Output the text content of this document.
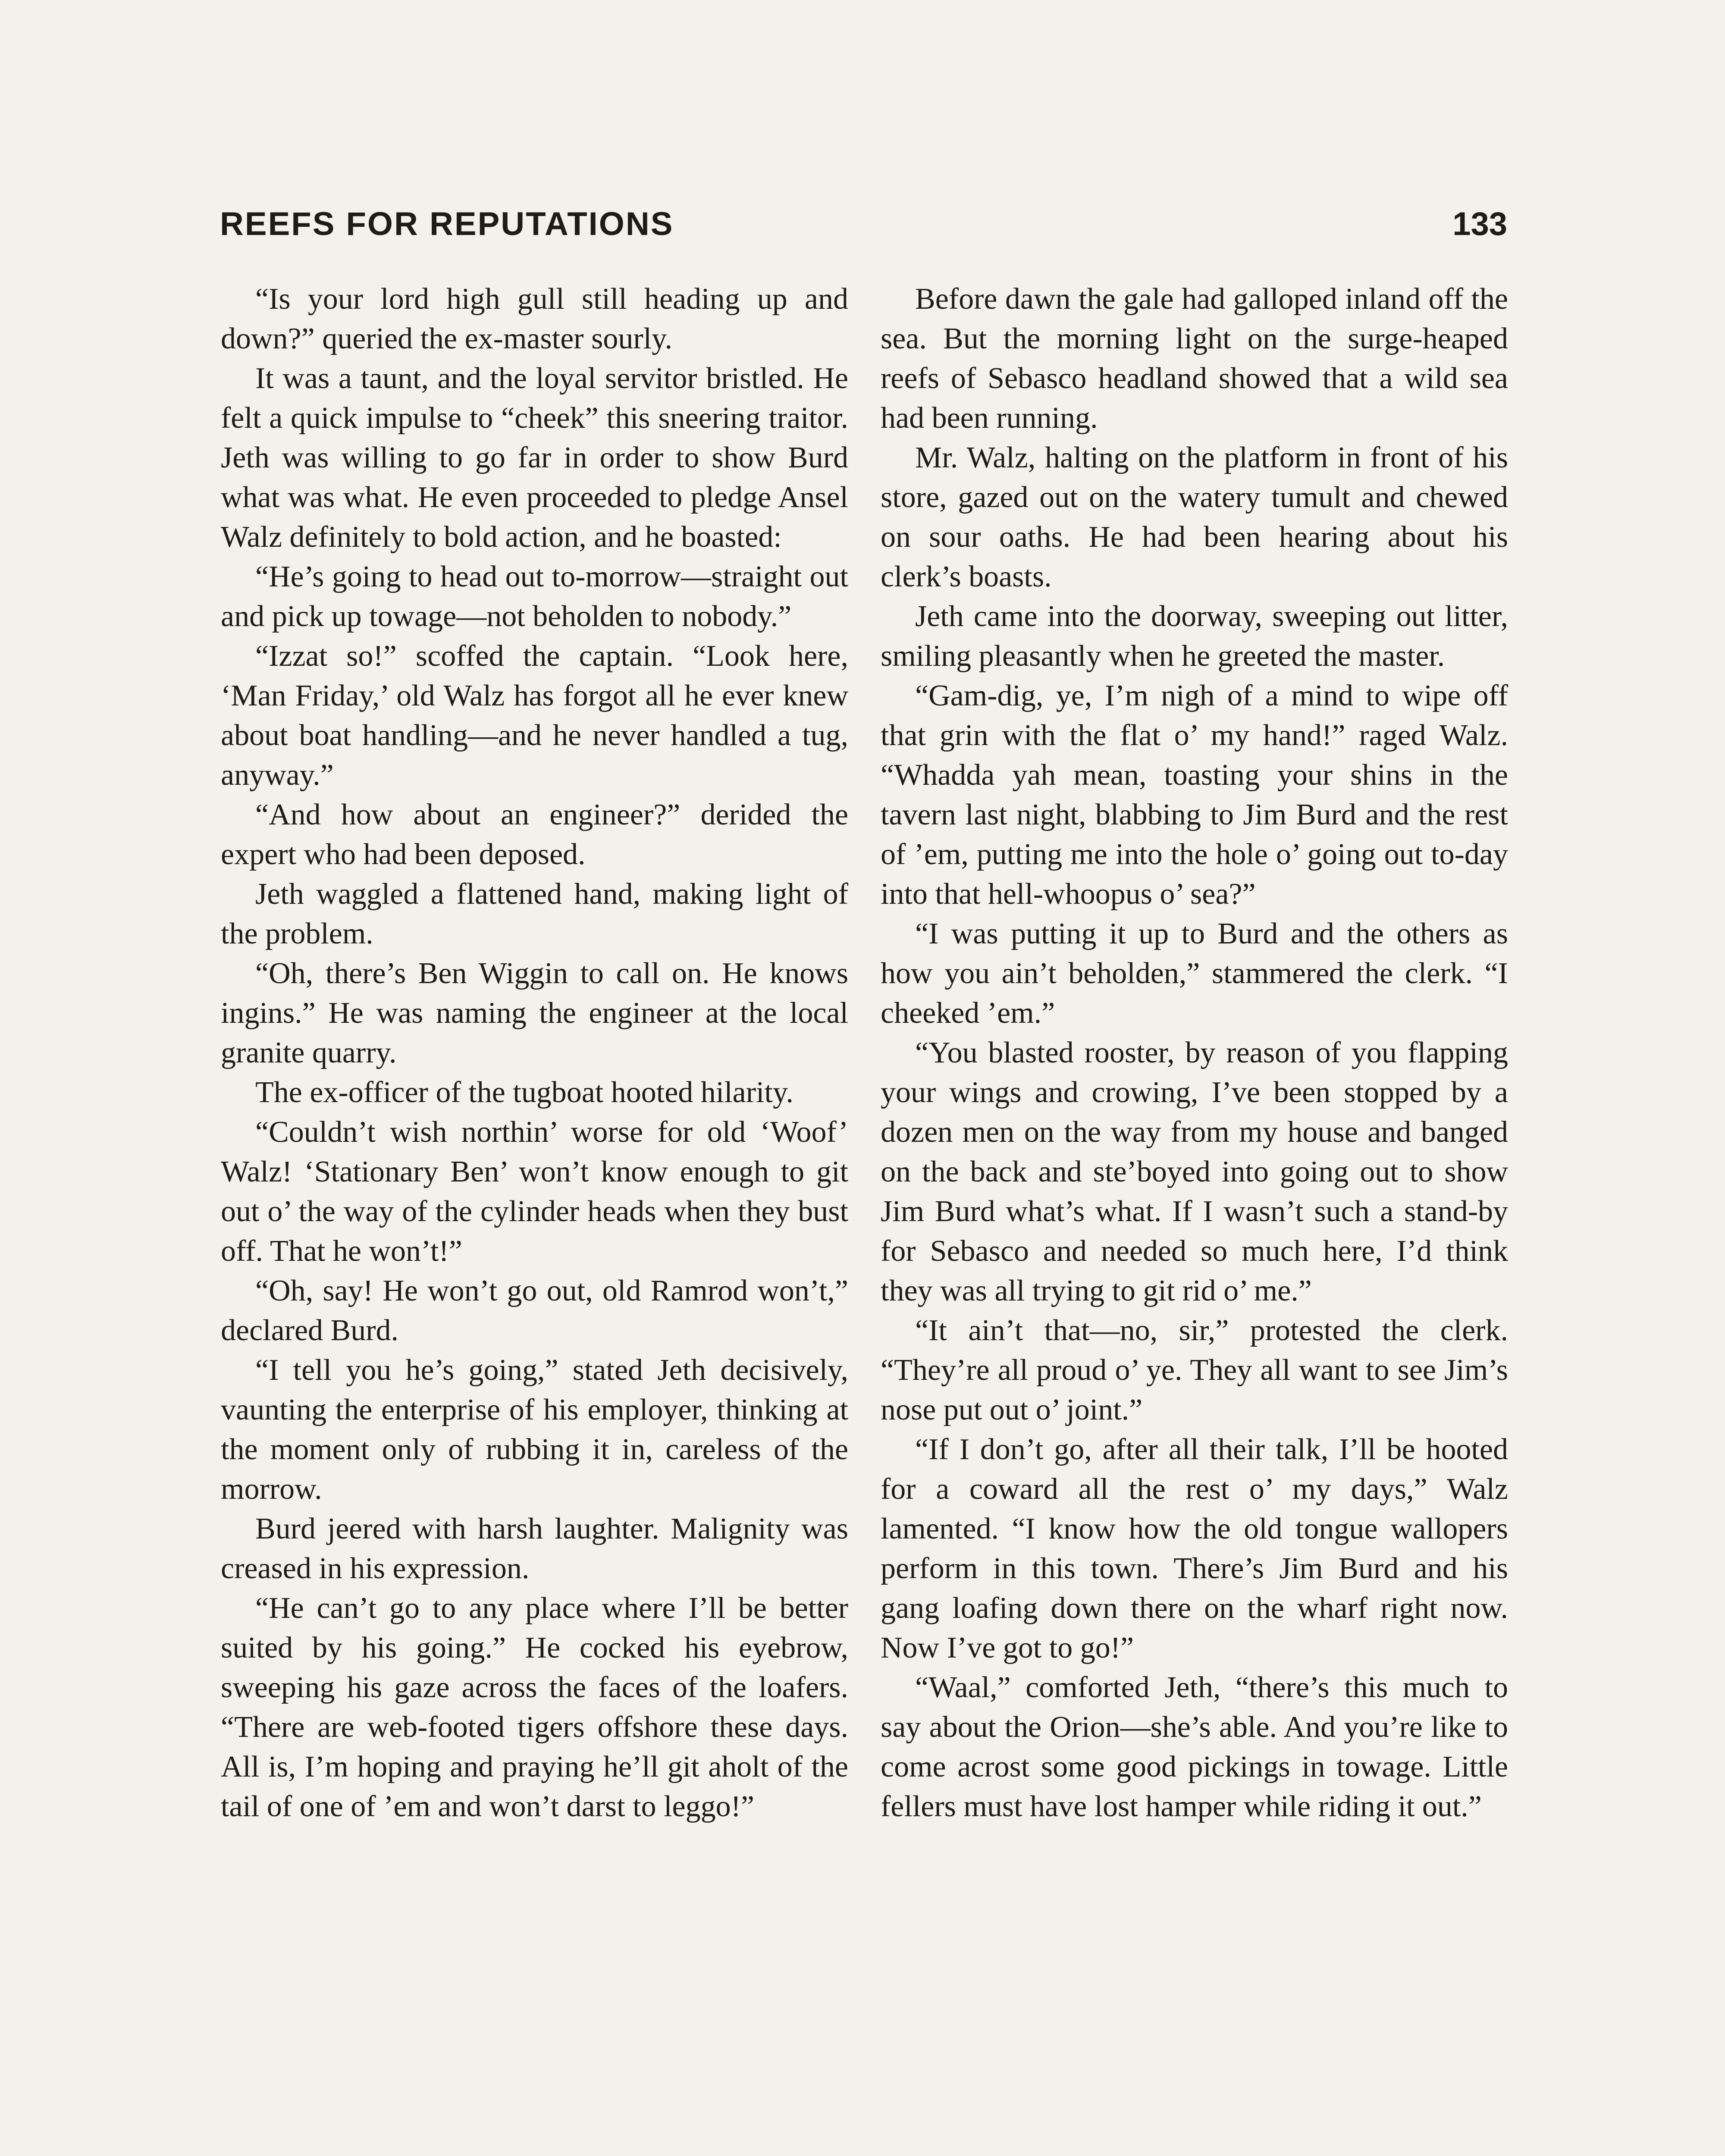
REEFS FOR REPUTATIONS	133

“Is your lord high gull still heading up and down?” queried the ex-master sourly.

It was a taunt, and the loyal servitor bristled. He felt a quick impulse to “cheek” this sneering traitor. Jeth was willing to go far in order to show Burd what was what. He even proceeded to pledge Ansel Walz definitely to bold action, and he boasted:

“He’s going to head out to-morrow—straight out and pick up towage—not beholden to nobody.”

“Izzat so!” scoffed the captain. “Look here, ‘Man Friday,’ old Walz has forgot all he ever knew about boat handling—and he never handled a tug, anyway.”

“And how about an engineer?” derided the expert who had been deposed.

Jeth waggled a flattened hand, making light of the problem.

“Oh, there’s Ben Wiggin to call on. He knows ingins.” He was naming the engineer at the local granite quarry.

The ex-officer of the tugboat hooted hilarity.

“Couldn’t wish northin’ worse for old ‘Woof’ Walz! ‘Stationary Ben’ won’t know enough to git out o’ the way of the cylinder heads when they bust off. That he won’t!”

“Oh, say! He won’t go out, old Ramrod won’t,” declared Burd.

“I tell you he’s going,” stated Jeth decisively, vaunting the enterprise of his employer, thinking at the moment only of rubbing it in, careless of the morrow.

Burd jeered with harsh laughter. Malignity was creased in his expression.

“He can’t go to any place where I’ll be better suited by his going.” He cocked his eyebrow, sweeping his gaze across the faces of the loafers. “There are web-footed tigers offshore these days. All is, I’m hoping and praying he’ll git aholt of the tail of one of ’em and won’t darst to leggo!”

Before dawn the gale had galloped inland off the sea. But the morning light on the surge-heaped reefs of Sebasco headland showed that a wild sea had been running.

Mr. Walz, halting on the platform in front of his store, gazed out on the watery tumult and chewed on sour oaths. He had been hearing about his clerk’s boasts.

Jeth came into the doorway, sweeping out litter, smiling pleasantly when he greeted the master.

“Gam-dig, ye, I’m nigh of a mind to wipe off that grin with the flat o’ my hand!” raged Walz. “Whadda yah mean, toasting your shins in the tavern last night, blabbing to Jim Burd and the rest of ’em, putting me into the hole o’ going out to-day into that hell-whoopus o’ sea?”

“I was putting it up to Burd and the others as how you ain’t beholden,” stammered the clerk. “I cheeked ’em.”

“You blasted rooster, by reason of you flapping your wings and crowing, I’ve been stopped by a dozen men on the way from my house and banged on the back and ste’boyed into going out to show Jim Burd what’s what. If I wasn’t such a stand-by for Sebasco and needed so much here, I’d think they was all trying to git rid o’ me.”

“It ain’t that—no, sir,” protested the clerk. “They’re all proud o’ ye. They all want to see Jim’s nose put out o’ joint.”

“If I don’t go, after all their talk, I’ll be hooted for a coward all the rest o’ my days,” Walz lamented. “I know how the old tongue wallopers perform in this town. There’s Jim Burd and his gang loafing down there on the wharf right now. Now I’ve got to go!”

“Waal,” comforted Jeth, “there’s this much to say about the Orion—she’s able. And you’re like to come acrost some good pickings in towage. Little fellers must have lost hamper while riding it out.”
